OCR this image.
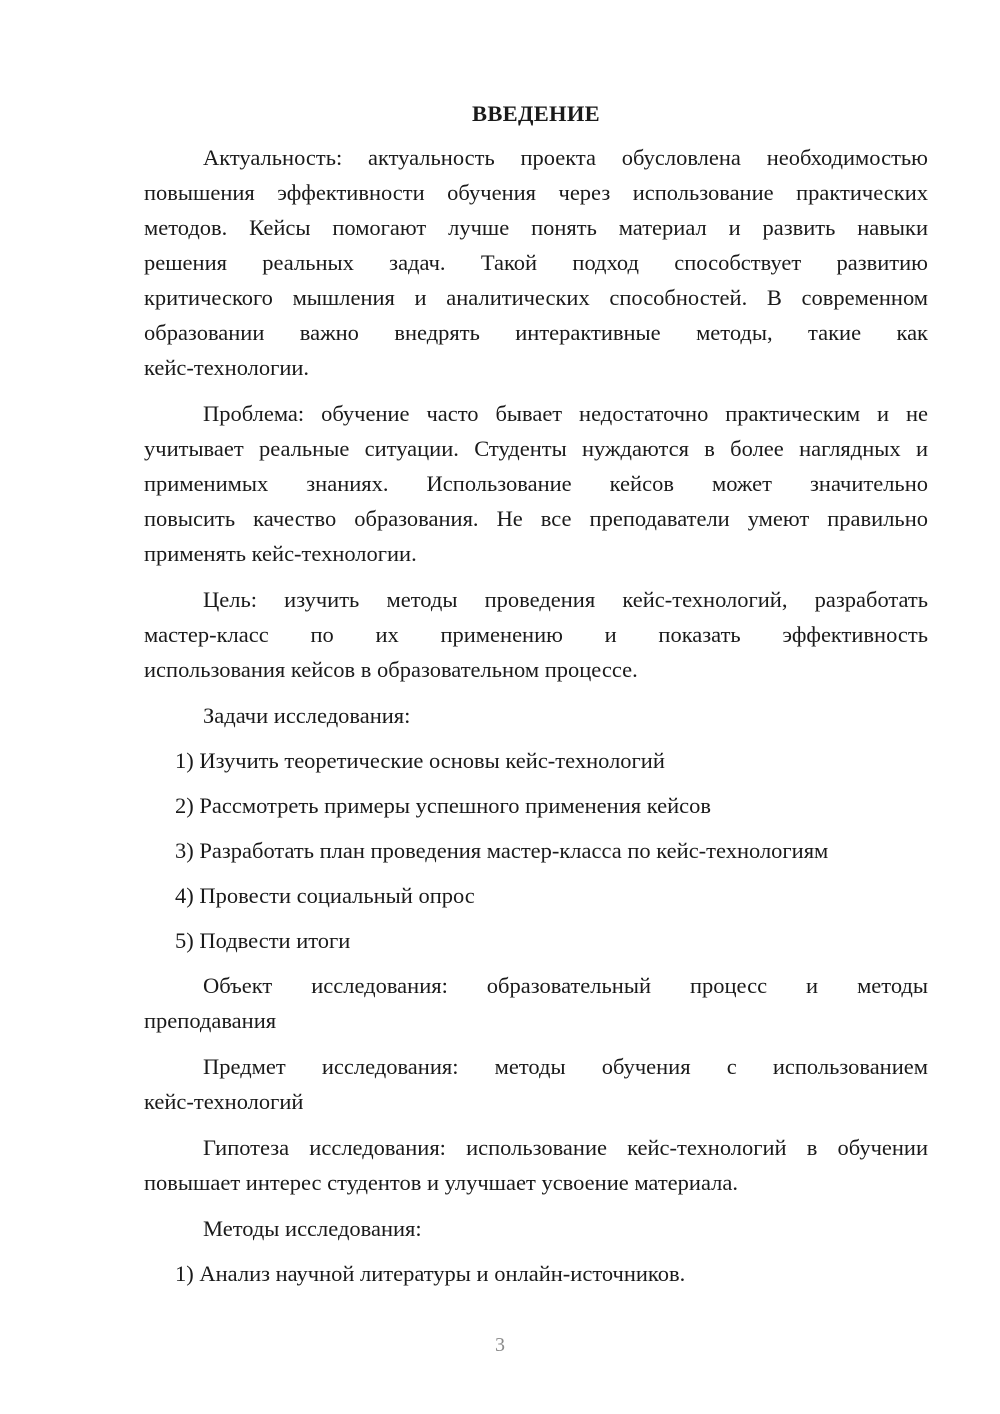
ВВЕДЕНИЕ
Актуальность: актуальность проекта обусловлена необходимостью
повышения эффективности обучения через использование практических
методов. Кейсы помогают лучше понять материал и развить навыки
решения реальных задач. Такой подход способствует развитию
критического мышления и аналитических способностей. В современном
образовании важно внедрять интерактивные методы, такие как
кейс-технологии.
Проблема: обучение часто бывает недостаточно практическим и не
учитывает реальные ситуации. Студенты нуждаются в более наглядных и
применимых знаниях. Использование кейсов может значительно
повысить качество образования. Не все преподаватели умеют правильно
применять кейс-технологии.
Цель: изучить методы проведения кейс-технологий, разработать
мастер-класс по их применению и показать эффективность
использования кейсов в образовательном процессе.
Задачи исследования:
1) Изучить теоретические основы кейс-технологий
2) Рассмотреть примеры успешного применения кейсов
3) Разработать план проведения мастер-класса по кейс-технологиям
4) Провести социальный опрос
5) Подвести итоги
Объект исследования: образовательный процесс и методы
преподавания
Предмет исследования: методы обучения с использованием
кейс-технологий
Гипотеза исследования: использование кейс-технологий в обучении
повышает интерес студентов и улучшает усвоение материала.
Методы исследования:
1) Анализ научной литературы и онлайн-источников.
3
